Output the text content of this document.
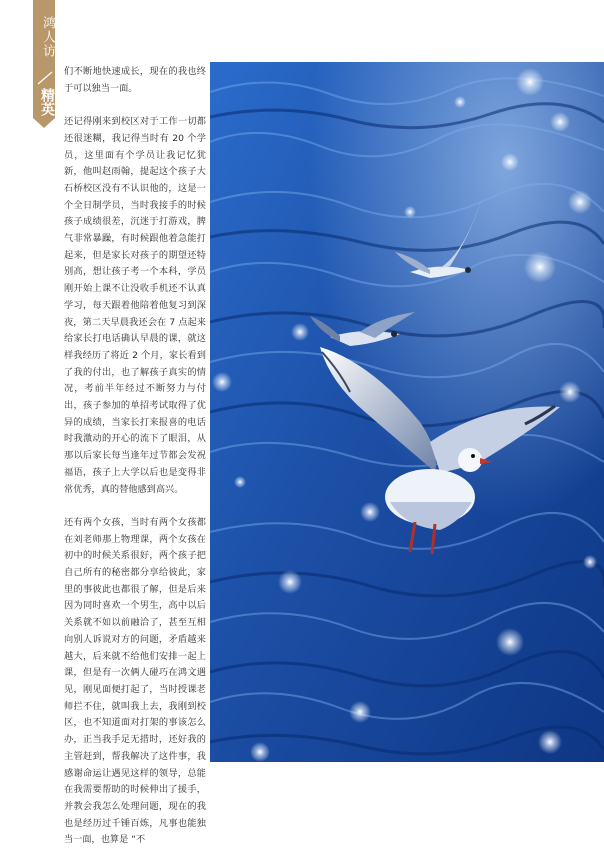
鸿人访
精英

们不断地快速成长，现在的我也终于可以独当一面。

还记得刚来到校区对于工作一切都还很迷糊，我记得当时有 20 个学员，这里面有个学员让我记忆犹新，他叫赵雨翰，提起这个孩子大石桥校区没有不认识他的，这是一个全日制学员，当时我接手的时候孩子成绩很差，沉迷于打游戏，脾气非常暴躁，有时候跟他着急能打起来，但是家长对孩子的期望还特别高，想让孩子考一个本科，学员刚开始上课不让没收手机还不认真学习，每天跟着他陪着他复习到深夜，第二天早晨我还会在 7 点起来给家长打电话确认早晨的课，就这样我经历了将近 2 个月，家长看到了我的付出，也了解孩子真实的情况，考前半年经过不断努力与付出，孩子参加的单招考试取得了优异的成绩，当家长打来报喜的电话时我激动的开心的流下了眼泪，从那以后家长每当逢年过节都会发祝福语，孩子上大学以后也是变得非常优秀，真的替他感到高兴。

还有两个女孩，当时有两个女孩都在刘老师那上物理课，两个女孩在初中的时候关系很好，两个孩子把自己所有的秘密都分享给彼此，家里的事彼此也都很了解，但是后来因为同时喜欢一个男生，高中以后关系就不如以前融洽了，甚至互相向别人诉说对方的问题，矛盾越来越大，后来就不给他们安排一起上课，但是有一次俩人碰巧在鸿文遇见，刚见面便打起了，当时授课老师拦不住，就叫我上去，我刚到校区，也不知道面对打架的事该怎么办，正当我手足无措时，还好我的主管赶到，帮我解决了这件事，我感谢命运让遇见这样的领导，总能在我需要帮助的时候伸出了援手，并教会我怎么处理问题，现在的我也是经历过千锤百炼，凡事也能独当一面，也算是 “不
